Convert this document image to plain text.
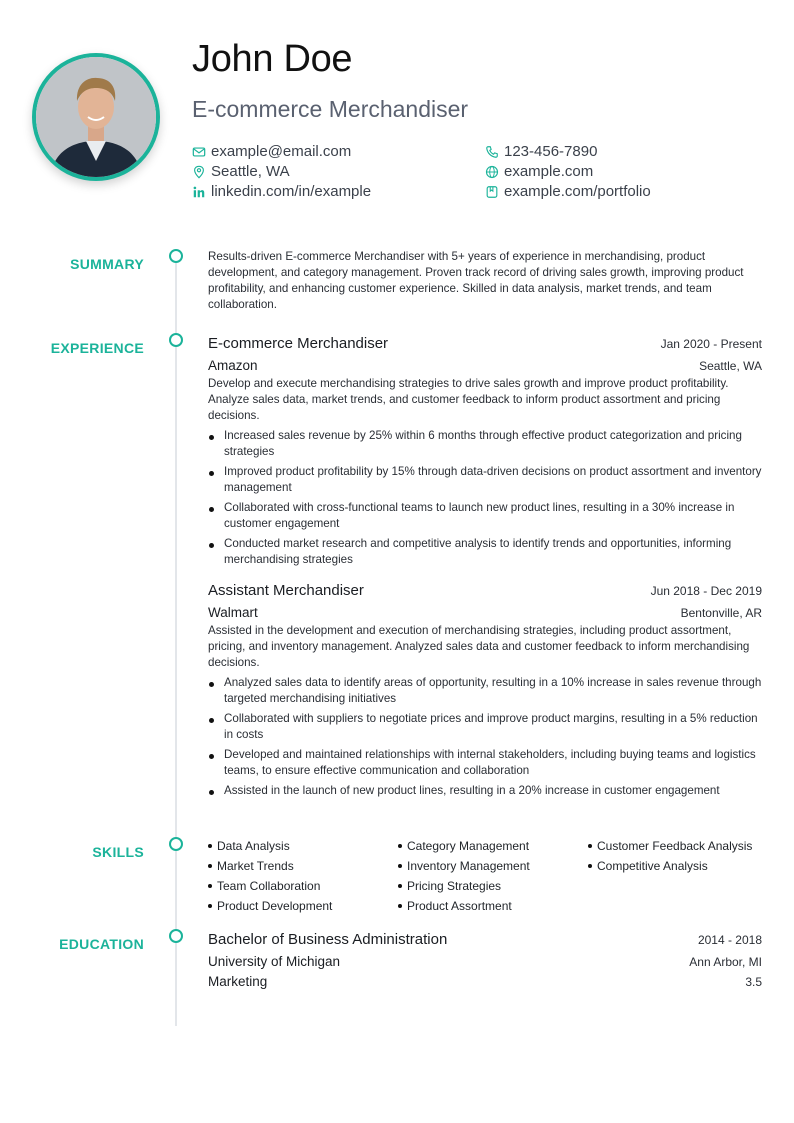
John Doe
E-commerce Merchandiser
example@email.com	123-456-7890
Seattle, WA	example.com
linkedin.com/in/example	example.com/portfolio
SUMMARY	Results-driven E-commerce Merchandiser with 5+ years of experience in merchandising, product development, and category management. Proven track record of driving sales growth, improving product profitability, and enhancing customer experience. Skilled in data analysis, market trends, and team collaboration.

EXPERIENCE	E-commerce Merchandiser	Jan 2020 - Present
Amazon	Seattle, WA

Develop and execute merchandising strategies to drive sales growth and improve product profitability. Analyze sales data, market trends, and customer feedback to inform product assortment and pricing decisions.

Increased sales revenue by 25% within 6 months through effective product categorization and pricing strategies
Improved product profitability by 15% through data-driven decisions on product assortment and inventory management
Collaborated with cross-functional teams to launch new product lines, resulting in a 30% increase in customer engagement
Conducted market research and competitive analysis to identify trends and opportunities, informing merchandising strategies
Assistant Merchandiser	Jun 2018 - Dec 2019
Walmart	Bentonville, AR

Assisted in the development and execution of merchandising strategies, including product assortment, pricing, and inventory management. Analyzed sales data and customer feedback to inform merchandising decisions.

Analyzed sales data to identify areas of opportunity, resulting in a 10% increase in sales revenue through targeted merchandising initiatives
Collaborated with suppliers to negotiate prices and improve product margins, resulting in a 5% reduction in costs
Developed and maintained relationships with internal stakeholders, including buying teams and logistics teams, to ensure effective communication and collaboration
Assisted in the launch of new product lines, resulting in a 20% increase in customer engagement
SKILLS	Data Analysis	Category Management	Customer Feedback Analysis
Market Trends	Inventory Management	Competitive Analysis
Team Collaboration	Pricing Strategies
Product Development	Product Assortment
EDUCATION	Bachelor of Business Administration	2014 - 2018
University of Michigan	Ann Arbor, MI
Marketing	3.5
